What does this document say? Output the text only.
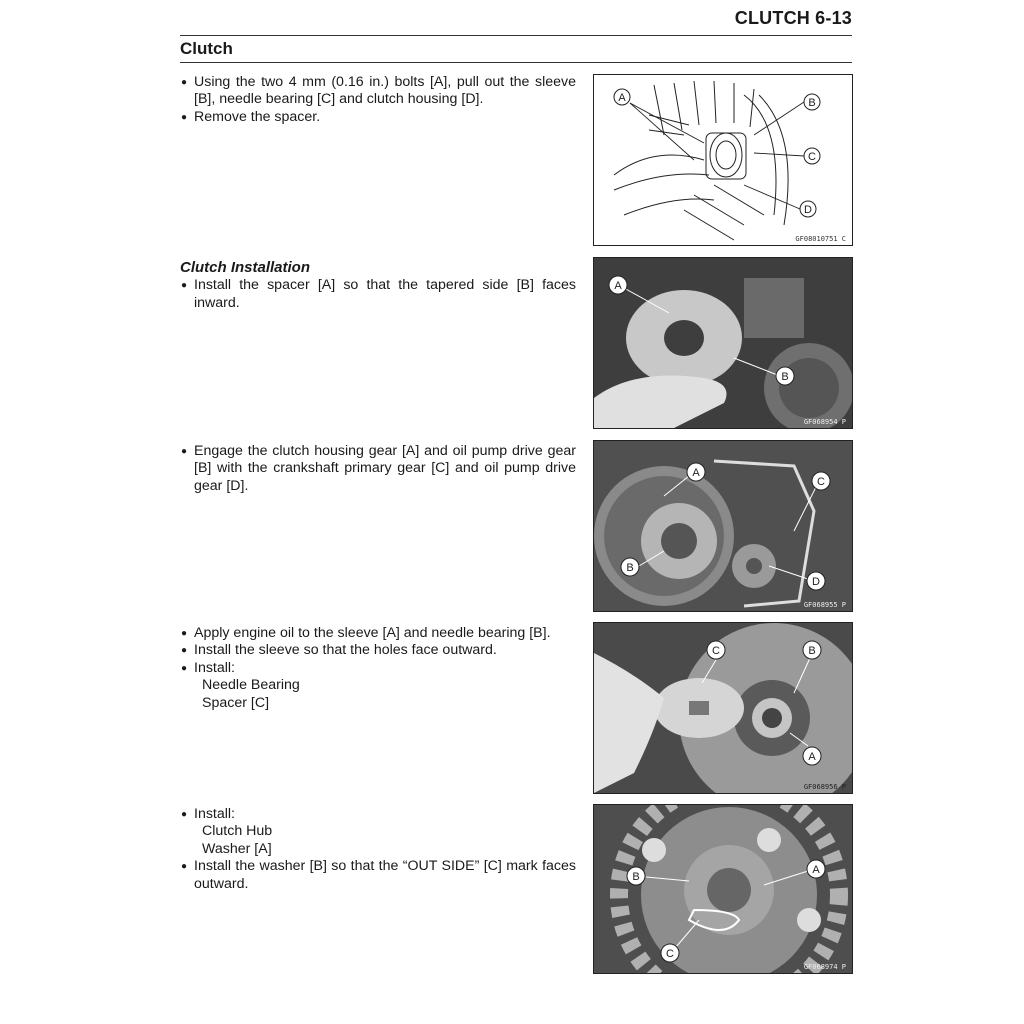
CLUTCH 6-13
Clutch
● Using the two 4 mm (0.16 in.) bolts [A], pull out the sleeve [B], needle bearing [C] and clutch housing [D].
● Remove the spacer.
Clutch Installation
● Install the spacer [A] so that the tapered side [B] faces inward.
● Engage the clutch housing gear [A] and oil pump drive gear [B] with the crankshaft primary gear [C] and oil pump drive gear [D].
● Apply engine oil to the sleeve [A] and needle bearing [B].
● Install the sleeve so that the holes face outward.
● Install:
Needle Bearing
Spacer [C]
● Install:
Clutch Hub
Washer [A]
● Install the washer [B] so that the “OUT SIDE” [C] mark faces outward.
A	B
C
D
GF08010751 C
A
B
GF068954 P
A
B
C
D
GF068955 P
C	B
A
GF068956 P
B
A
C
GF068974 P
